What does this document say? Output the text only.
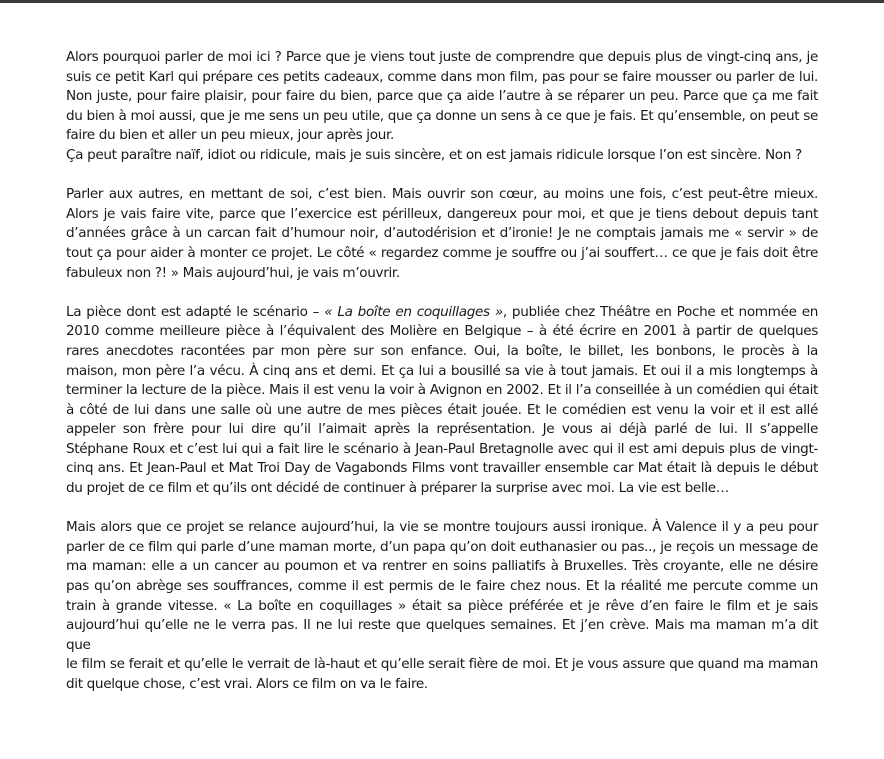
Alors pourquoi parler de moi ici ? Parce que je viens tout juste de comprendre que depuis plus de vingt-cinq ans, je
suis ce petit Karl qui prépare ces petits cadeaux, comme dans mon film, pas pour se faire mousser ou parler de lui.
Non juste, pour faire plaisir, pour faire du bien, parce que ça aide l’autre à se réparer un peu. Parce que ça me fait
du bien à moi aussi, que je me sens un peu utile, que ça donne un sens à ce que je fais. Et qu’ensemble, on peut se
faire du bien et aller un peu mieux, jour après jour.
Ça peut paraître naïf, idiot ou ridicule, mais je suis sincère, et on est jamais ridicule lorsque l’on est sincère. Non ?

Parler aux autres, en mettant de soi, c’est bien. Mais ouvrir son cœur, au moins une fois, c’est peut-être mieux.
Alors je vais faire vite, parce que l’exercice est périlleux, dangereux pour moi, et que je tiens debout depuis tant
d’années grâce à un carcan fait d’humour noir, d’autodérision et d’ironie! Je ne comptais jamais me « servir » de
tout ça pour aider à monter ce projet. Le côté « regardez comme je souffre ou j’ai souffert… ce que je fais doit être
fabuleux non ?! » Mais aujourd’hui, je vais m’ouvrir.

La pièce dont est adapté le scénario – « La boîte en coquillages », publiée chez Théâtre en Poche et nommée en
2010 comme meilleure pièce à l’équivalent des Molière en Belgique – à été écrire en 2001 à partir de quelques
rares anecdotes racontées par mon père sur son enfance. Oui, la boîte, le billet, les bonbons, le procès à la
maison, mon père l’a vécu. À cinq ans et demi. Et ça lui a bousillé sa vie à tout jamais. Et oui il a mis longtemps à
terminer la lecture de la pièce. Mais il est venu la voir à Avignon en 2002. Et il l’a conseillée à un comédien qui était
à côté de lui dans une salle où une autre de mes pièces était jouée. Et le comédien est venu la voir et il est allé
appeler son frère pour lui dire qu’il l’aimait après la représentation. Je vous ai déjà parlé de lui. Il s’appelle
Stéphane Roux et c’est lui qui a fait lire le scénario à Jean-Paul Bretagnolle avec qui il est ami depuis plus de vingt-
cinq ans. Et Jean-Paul et Mat Troi Day de Vagabonds Films vont travailler ensemble car Mat était là depuis le début
du projet de ce film et qu’ils ont décidé de continuer à préparer la surprise avec moi. La vie est belle…

Mais alors que ce projet se relance aujourd’hui, la vie se montre toujours aussi ironique. À Valence il y a peu pour
parler de ce film qui parle d’une maman morte, d’un papa qu’on doit euthanasier ou pas.., je reçois un message de
ma maman: elle a un cancer au poumon et va rentrer en soins palliatifs à Bruxelles. Très croyante, elle ne désire
pas qu’on abrège ses souffrances, comme il est permis de le faire chez nous. Et la réalité me percute comme un
train à grande vitesse. « La boîte en coquillages » était sa pièce préférée et je rêve d’en faire le film et je sais
aujourd’hui qu’elle ne le verra pas. Il ne lui reste que quelques semaines. Et j’en crève. Mais ma maman m’a dit que
le film se ferait et qu’elle le verrait de là-haut et qu’elle serait fière de moi. Et je vous assure que quand ma maman
dit quelque chose, c’est vrai. Alors ce film on va le faire.
